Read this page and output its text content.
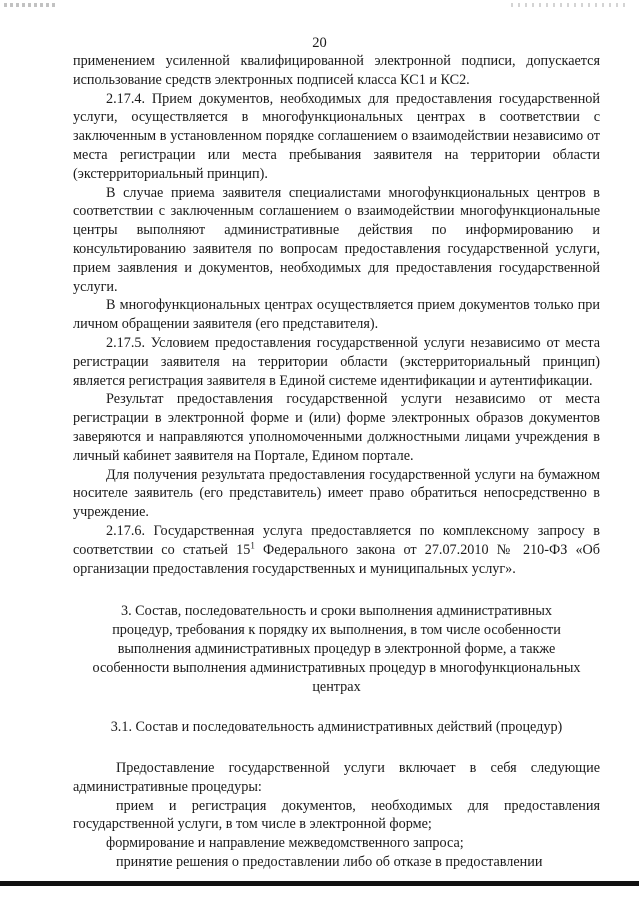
20

применением усиленной квалифицированной электронной подписи, допускается использование средств электронных подписей класса КС1 и КС2.

2.17.4. Прием документов, необходимых для предоставления государственной услуги, осуществляется в многофункциональных центрах в соответствии с заключенным в установленном порядке соглашением о взаимодействии независимо от места регистрации или места пребывания заявителя на территории области (экстерриториальный принцип).

В случае приема заявителя специалистами многофункциональных центров в соответствии с заключенным соглашением о взаимодействии многофункциональные центры выполняют административные действия по информированию и консультированию заявителя по вопросам предоставления государственной услуги, прием заявления и документов, необходимых для предоставления государственной услуги.

В многофункциональных центрах осуществляется прием документов только при личном обращении заявителя (его представителя).

2.17.5. Условием предоставления государственной услуги независимо от места регистрации заявителя на территории области (экстерриториальный принцип) является регистрация заявителя в Единой системе идентификации и аутентификации.

Результат предоставления государственной услуги независимо от места регистрации в электронной форме и (или) форме электронных образов документов заверяются и направляются уполномоченными должностными лицами учреждения в личный кабинет заявителя на Портале, Едином портале.

Для получения результата предоставления государственной услуги на бумажном носителе заявитель (его представитель) имеет право обратиться непосредственно в учреждение.

2.17.6. Государственная услуга предоставляется по комплексному запросу в соответствии со статьей $15^1$ Федерального закона от 27.07.2010 № 210-ФЗ «Об организации предоставления государственных и муниципальных услуг».

3. Состав, последовательность и сроки выполнения административных процедур, требования к порядку их выполнения, в том числе особенности выполнения административных процедур в электронной форме, а также особенности выполнения административных процедур в многофункциональных центрах

3.1. Состав и последовательность административных действий (процедур)

Предоставление государственной услуги включает в себя следующие административные процедуры:

прием и регистрация документов, необходимых для предоставления государственной услуги, в том числе в электронной форме;

формирование и направление межведомственного запроса;

принятие решения о предоставлении либо об отказе в предоставлении
